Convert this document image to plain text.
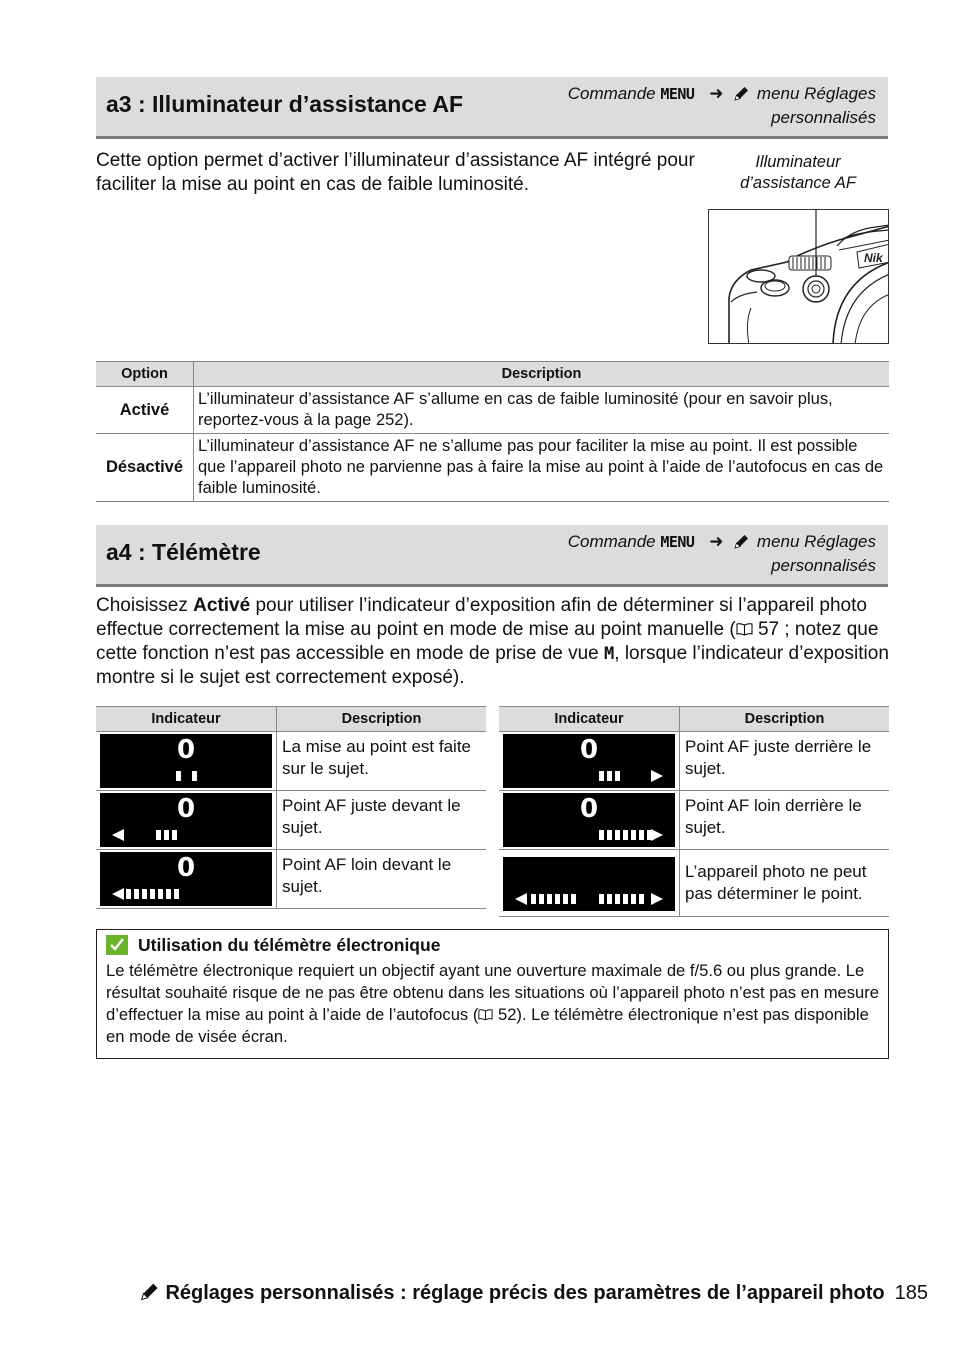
a3 : Illuminateur d’assistance AF	Commande MENU ➜ menu Réglages
personnalisés
Cette option permet d’activer l’illuminateur d’assistance AF intégré pour faciliter la mise au point en cas de faible luminosité.
Illuminateur
d’assistance AF
Nik
Option	Description
Activé	L’illuminateur d’assistance AF s’allume en cas de faible luminosité (pour en savoir plus, reportez-vous à la page 252).
Désactivé	L’illuminateur d’assistance AF ne s’allume pas pour faciliter la mise au point. Il est possible que l’appareil photo ne parvienne pas à faire la mise au point à l’aide de l’autofocus en cas de faible luminosité.
a4 : Télémètre	Commande MENU ➜ menu Réglages
personnalisés
Choisissez Activé pour utiliser l’indicateur d’exposition afin de déterminer si l’appareil photo effectue correctement la mise au point en mode de mise au point manuelle ( 57 ; notez que cette fonction n’est pas accessible en mode de prise de vue M, lorsque l’indicateur d’exposition montre si le sujet est correctement exposé).
Indicateur	Description

0	La mise au point est faite sur le sujet.

0	Point AF juste devant le sujet.

0	Point AF loin devant le sujet.
Indicateur	Description

0	Point AF juste derrière le sujet.

0	Point AF loin derrière le sujet.

	L’appareil photo ne peut pas déterminer le point.
Utilisation du télémètre électronique
Le télémètre électronique requiert un objectif ayant une ouverture maximale de f/5.6 ou plus grande. Le résultat souhaité risque de ne pas être obtenu dans les situations où l’appareil photo n’est pas en mesure d’effectuer la mise au point à l’aide de l’autofocus ( 52). Le télémètre électronique n’est pas disponible en mode de visée écran.
Réglages personnalisés : réglage précis des paramètres de l’appareil photo 185
